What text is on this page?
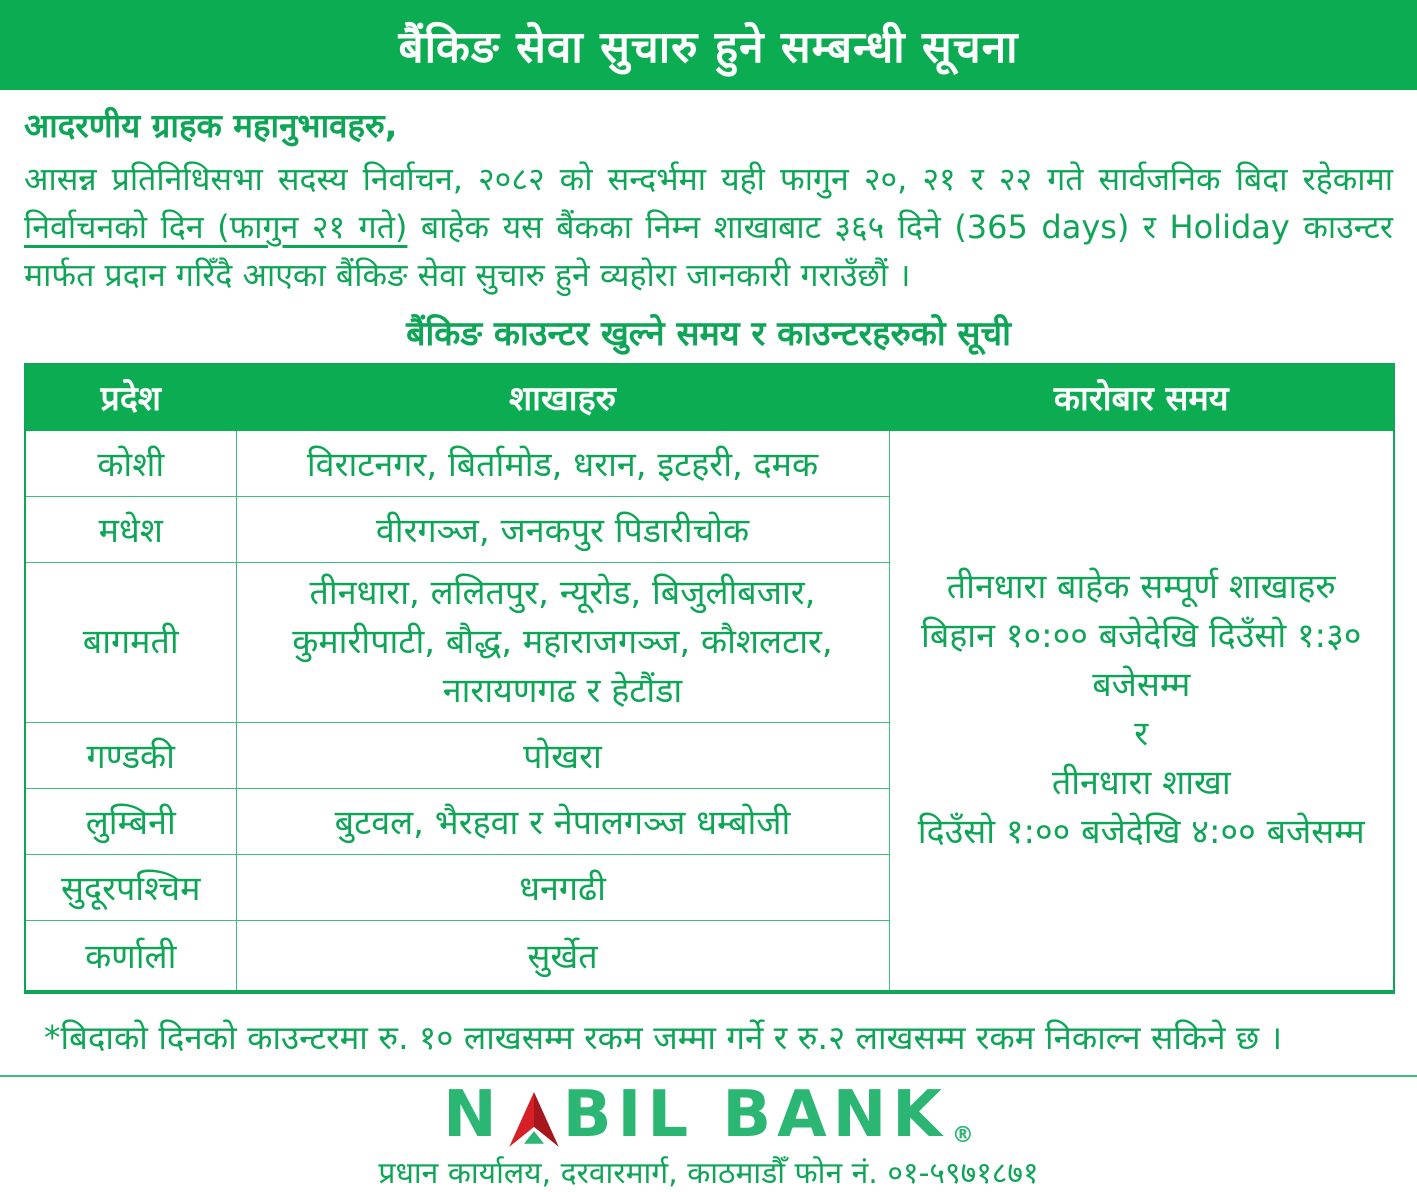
बैंकिङ सेवा सुचारु हुने सम्बन्धी सूचना

आदरणीय ग्राहक महानुभावहरु,

आसन्न प्रतिनिधिसभा सदस्य निर्वाचन, २०८२ को सन्दर्भमा यही फागुन २०, २१ र २२ गते सार्वजनिक बिदा रहेकामा निर्वाचनको दिन (फागुन २१ गते) बाहेक यस बैंकका निम्न शाखाबाट ३६५ दिने (365 days) र Holiday काउन्टर मार्फत प्रदान गरिँदै आएका बैंकिङ सेवा सुचारु हुने व्यहोरा जानकारी गराउँछौं ।

बैंकिङ काउन्टर खुल्ने समय र काउन्टरहरुको सूची
प्रदेश	शाखाहरु	कारोबार समय
कोशी	विराटनगर, बिर्तामोड, धरान, इटहरी, दमक	
तीनधारा बाहेक सम्पूर्ण शाखाहरु
बिहान १०:०० बजेदेखि दिउँसो १:३०
बजेसम्म
र
तीनधारा शाखा
दिउँसो १:०० बजेदेखि ४:०० बजेसम्म

मधेश	वीरगञ्ज, जनकपुर पिडारीचोक	
बागमती	तीनधारा, ललितपुर, न्यूरोड, बिजुलीबजार, कुमारीपाटी, बौद्ध, महाराजगञ्ज, कौशलटार, नारायणगढ र हेटौंडा	
गण्डकी	पोखरा	
लुम्बिनी	बुटवल, भैरहवा र नेपालगञ्ज धम्बोजी	
सुदूरपश्चिम	धनगढी	
कर्णाली	सुर्खेत	

*बिदाको दिनको काउन्टरमा रु. १० लाखसम्म रकम जम्मा गर्ने र रु.२ लाखसम्म रकम निकाल्न सकिने छ ।

N BIL BANK ®
प्रधान कार्यालय, दरवारमार्ग, काठमाडौँ फोन नं. ०१-५९७१८७१
